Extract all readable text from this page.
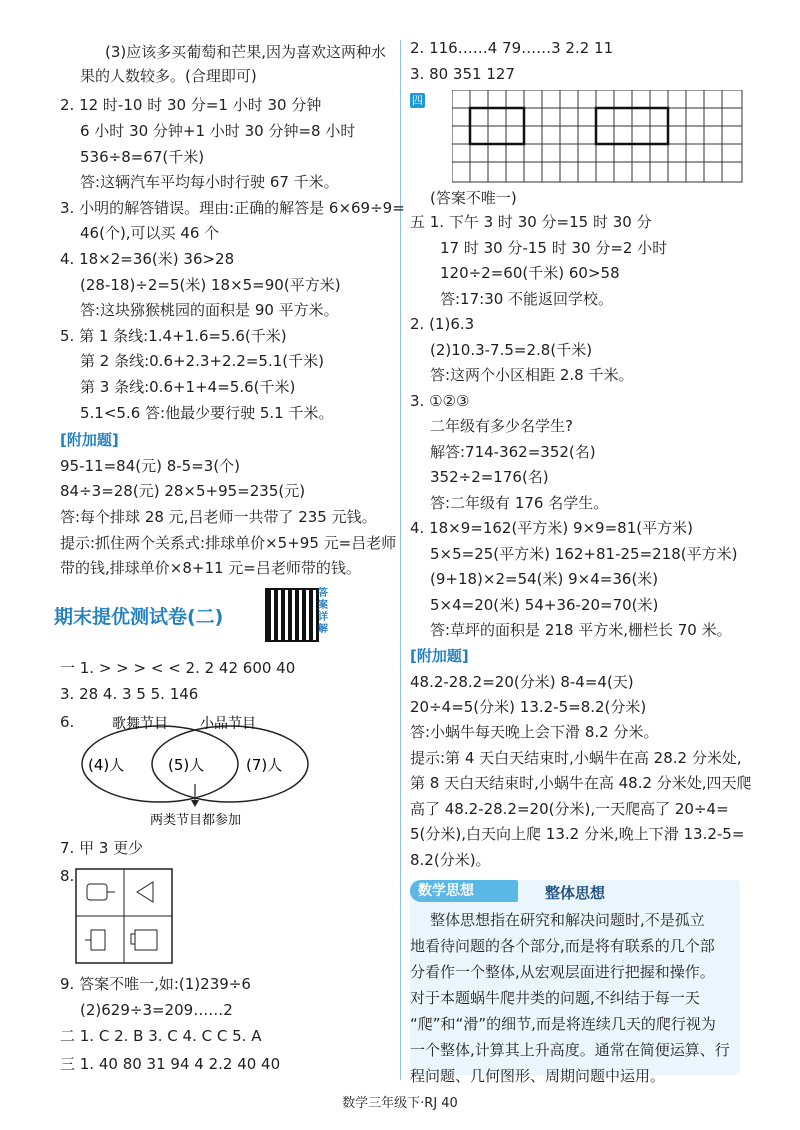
(3)应该多买葡萄和芒果,因为喜欢这两种水
果的人数较多。(合理即可)
2. 12 时-10 时 30 分=1 小时 30 分钟
6 小时 30 分钟+1 小时 30 分钟=8 小时
536÷8=67(千米)
答:这辆汽车平均每小时行驶 67 千米。
3. 小明的解答错误。理由:正确的解答是 6×69÷9=
46(个),可以买 46 个
4. 18×2=36(米) 36>28
(28-18)÷2=5(米) 18×5=90(平方米)
答:这块猕猴桃园的面积是 90 平方米。
5. 第 1 条线:1.4+1.6=5.6(千米)
第 2 条线:0.6+2.3+2.2=5.1(千米)
第 3 条线:0.6+1+4=5.6(千米)
5.1<5.6 答:他最少要行驶 5.1 千米。
[附加题]
95-11=84(元) 8-5=3(个)
84÷3=28(元) 28×5+95=235(元)
答:每个排球 28 元,吕老师一共带了 235 元钱。
提示:抓住两个关系式:排球单价×5+95 元=吕老师
带的钱,排球单价×8+11 元=吕老师带的钱。
期末提优测试卷(二)
答案详解
一 1. > > > < < 2. 2 42 600 40
3. 28 4. 3 5 5. 146
6.
7. 甲 3 更少
8.
9. 答案不唯一,如:(1)239÷6
(2)629÷3=209……2
二 1. C 2. B 3. C 4. C C 5. A
三 1. 40 80 31 94 4 2.2 40 40
歌舞节目 小品节目
(4)人	(5)人	(7)人
两类节目都参加
2. 116……4 79……3 2.2 11
3. 80 351 127
四
(答案不唯一)
五 1. 下午 3 时 30 分=15 时 30 分
17 时 30 分-15 时 30 分=2 小时
120÷2=60(千米) 60>58
答:17:30 不能返回学校。
2. (1)6.3
(2)10.3-7.5=2.8(千米)
答:这两个小区相距 2.8 千米。
3. ①②③
二年级有多少名学生?
解答:714-362=352(名)
352÷2=176(名)
答:二年级有 176 名学生。
4. 18×9=162(平方米) 9×9=81(平方米)
5×5=25(平方米) 162+81-25=218(平方米)
(9+18)×2=54(米) 9×4=36(米)
5×4=20(米) 54+36-20=70(米)
答:草坪的面积是 218 平方米,栅栏长 70 米。
[附加题]
48.2-28.2=20(分米) 8-4=4(天)
20÷4=5(分米) 13.2-5=8.2(分米)
答:小蜗牛每天晚上会下滑 8.2 分米。
提示:第 4 天白天结束时,小蜗牛在高 28.2 分米处,
第 8 天白天结束时,小蜗牛在高 48.2 分米处,四天爬
高了 48.2-28.2=20(分米),一天爬高了 20÷4=
5(分米),白天向上爬 13.2 分米,晚上下滑 13.2-5=
8.2(分米)。
数学思想	整体思想
整体思想指在研究和解决问题时,不是孤立
地看待问题的各个部分,而是将有联系的几个部
分看作一个整体,从宏观层面进行把握和操作。
对于本题蜗牛爬井类的问题,不纠结于每一天
“爬”和“滑”的细节,而是将连续几天的爬行视为
一个整体,计算其上升高度。通常在简便运算、行
程问题、几何图形、周期问题中运用。
数学三年级下·RJ 40
